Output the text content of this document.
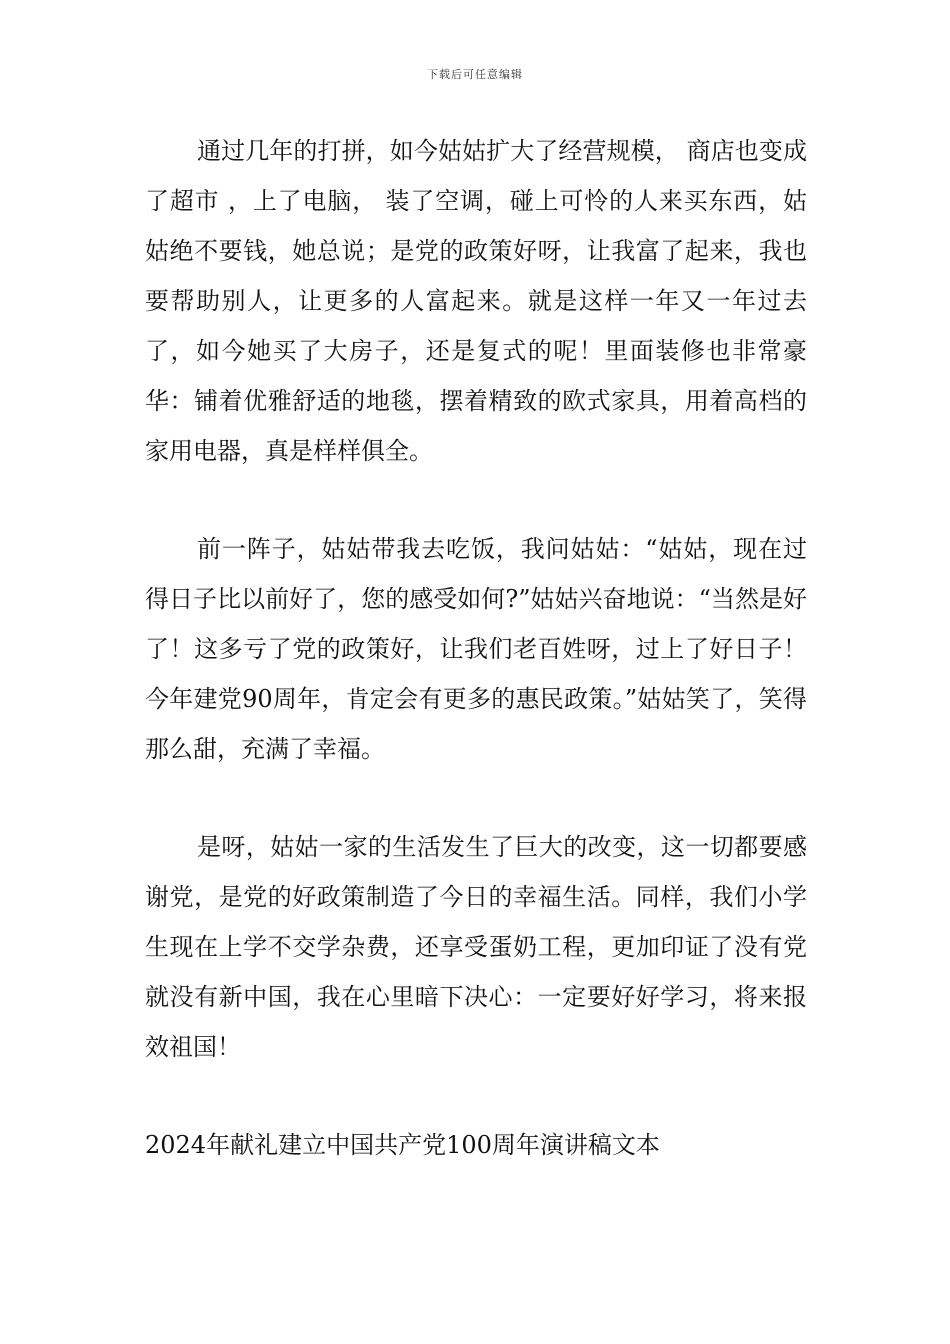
下载后可任意编辑

通过几年的打拼，如今姑姑扩大了经营规模， 商店也变成了超市 ，上了电脑， 装了空调，碰上可怜的人来买东西，姑姑绝不要钱，她总说；是党的政策好呀，让我富了起来，我也要帮助别人，让更多的人富起来。就是这样一年又一年过去了，如今她买了大房子，还是复式的呢！里面装修也非常豪华：铺着优雅舒适的地毯，摆着精致的欧式家具，用着高档的家用电器，真是样样俱全。

前一阵子，姑姑带我去吃饭，我问姑姑：“姑姑，现在过得日子比以前好了，您的感受如何?”姑姑兴奋地说：“当然是好了！这多亏了党的政策好，让我们老百姓呀，过上了好日子！今年建党90周年，肯定会有更多的惠民政策。”姑姑笑了，笑得那么甜，充满了幸福。

是呀，姑姑一家的生活发生了巨大的改变，这一切都要感谢党，是党的好政策制造了今日的幸福生活。同样，我们小学生现在上学不交学杂费，还享受蛋奶工程，更加印证了没有党就没有新中国，我在心里暗下决心：一定要好好学习，将来报效祖国！

2024年献礼建立中国共产党100周年演讲稿文本
